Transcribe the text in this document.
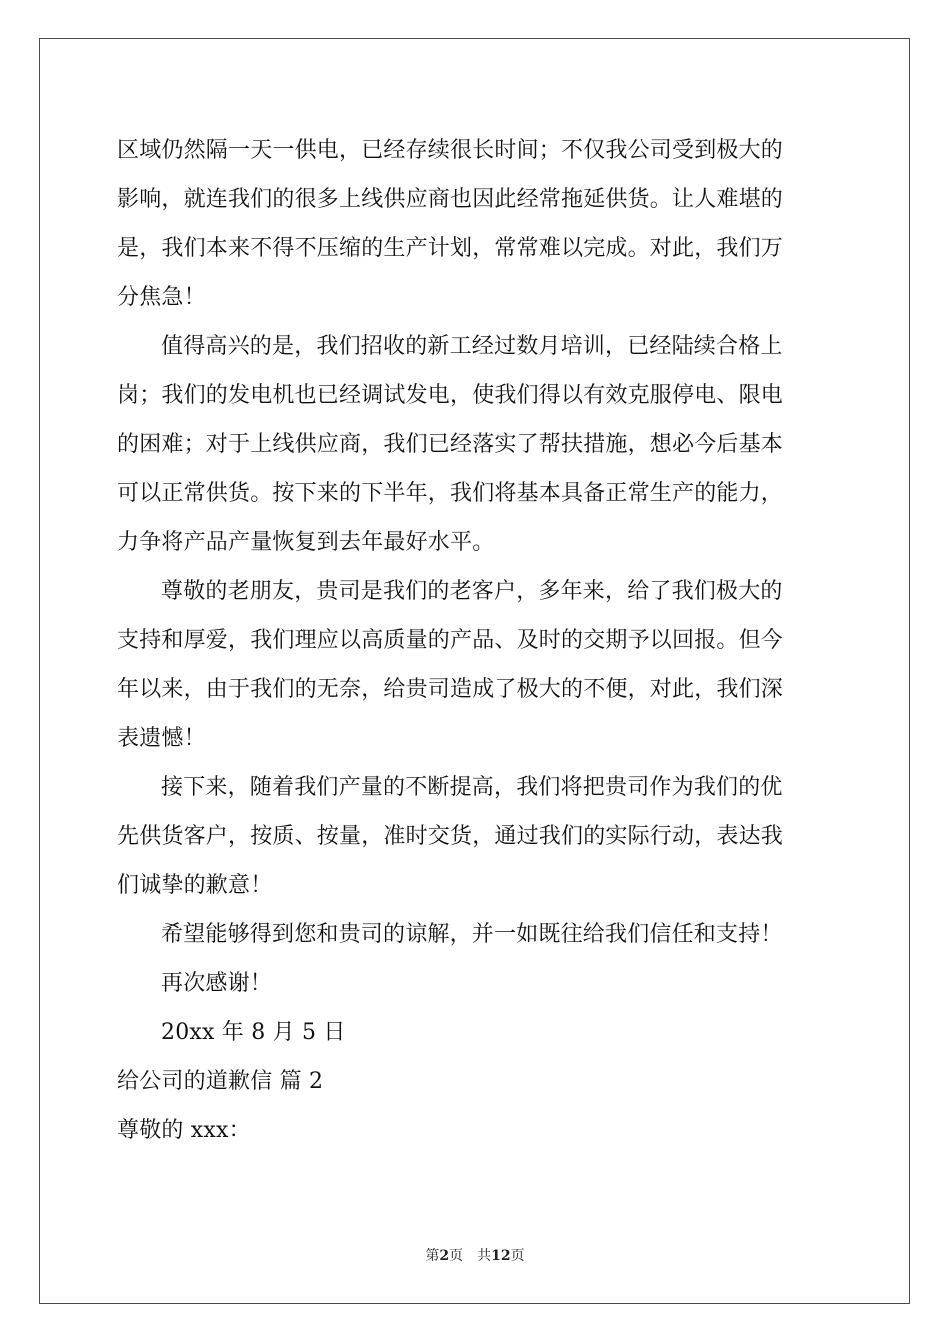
区域仍然隔一天一供电，已经存续很长时间；不仅我公司受到极大的
影响，就连我们的很多上线供应商也因此经常拖延供货。让人难堪的
是，我们本来不得不压缩的生产计划，常常难以完成。对此，我们万
分焦急！
值得高兴的是，我们招收的新工经过数月培训，已经陆续合格上
岗；我们的发电机也已经调试发电，使我们得以有效克服停电、限电
的困难；对于上线供应商，我们已经落实了帮扶措施，想必今后基本
可以正常供货。按下来的下半年，我们将基本具备正常生产的能力，
力争将产品产量恢复到去年最好水平。
尊敬的老朋友，贵司是我们的老客户，多年来，给了我们极大的
支持和厚爱，我们理应以高质量的产品、及时的交期予以回报。但今
年以来，由于我们的无奈，给贵司造成了极大的不便，对此，我们深
表遗憾！
接下来，随着我们产量的不断提高，我们将把贵司作为我们的优
先供货客户，按质、按量，准时交货，通过我们的实际行动，表达我
们诚挚的歉意！
希望能够得到您和贵司的谅解，并一如既往给我们信任和支持！
再次感谢！
20xx 年 8 月 5 日
给公司的道歉信 篇 2
尊敬的 xxx：
第2页　共12页
